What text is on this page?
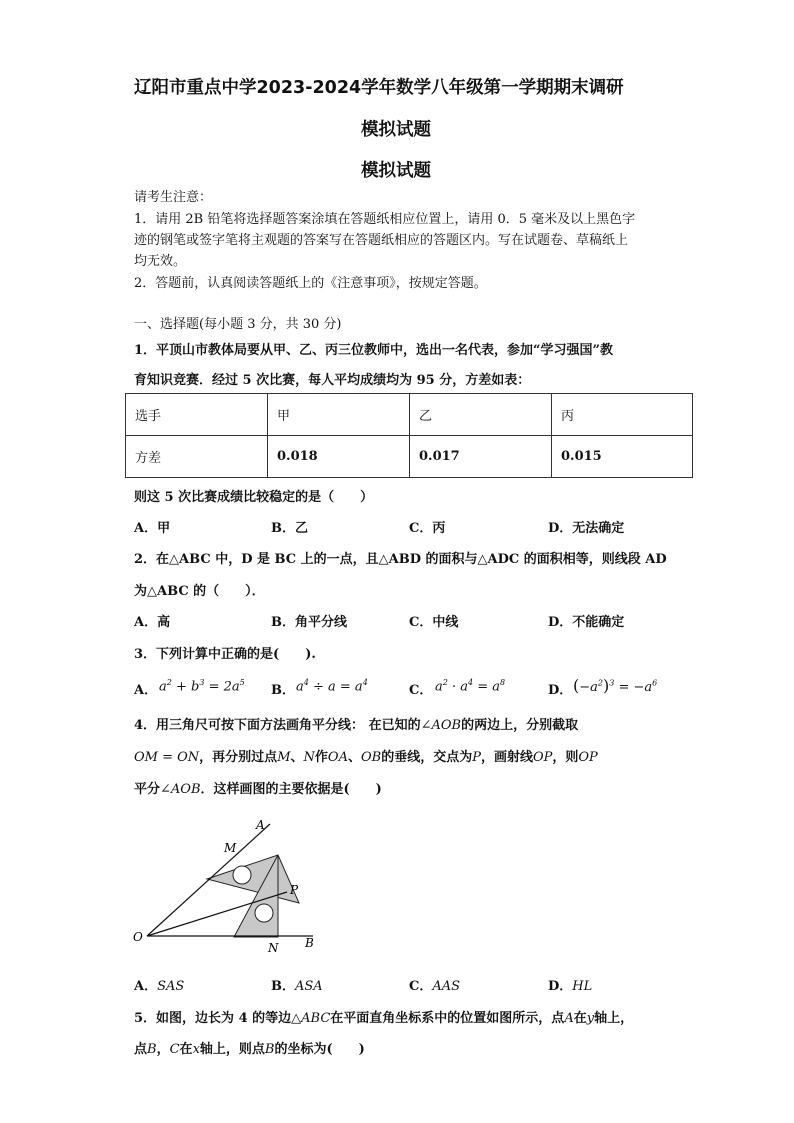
辽阳市重点中学2023-2024学年数学八年级第一学期期末调研
模拟试题
模拟试题
请考生注意：
1．请用 2B 铅笔将选择题答案涂填在答题纸相应位置上，请用 0．5 毫米及以上黑色字
迹的钢笔或签字笔将主观题的答案写在答题纸相应的答题区内。写在试题卷、草稿纸上
均无效。
2．答题前，认真阅读答题纸上的《注意事项》，按规定答题。
一、选择题(每小题 3 分，共 30 分)
1．平顶山市教体局要从甲、乙、丙三位教师中，选出一名代表，参加“学习强国”教
育知识竞赛．经过 5 次比赛，每人平均成绩均为 95 分，方差如表：
选手	甲	乙	丙
方差	0.018	0.017	0.015
则这 5 次比赛成绩比较稳定的是（　　）
A．甲	B．乙	C．丙	D．无法确定
2．在△ABC 中，D 是 BC 上的一点，且△ABD 的面积与△ADC 的面积相等，则线段 AD
为△ABC 的（　　）．
A．高	B．角平分线	C．中线	D．不能确定
3．下列计算中正确的是(　　).
A． $a^2 + b^3 = 2a^5$
B． $a^4 \div a = a^4$
C． $a^2 \cdot a^4 = a^8$
D． $(-a^2)^3 = -a^6$
4．用三角尺可按下面方法画角平分线： 在已知的∠AOB的两边上，分别截取
OM = ON，再分别过点M、N作OA、OB的垂线，交点为P，画射线OP，则OP
平分∠AOB．这样画图的主要依据是(　　)
A
M
P
O
N B
A．SAS	B．ASA	C．AAS	D．HL
5．如图，边长为 4 的等边△ABC在平面直角坐标系中的位置如图所示，点A在y轴上，
点B，C在x轴上，则点B的坐标为(　　)
